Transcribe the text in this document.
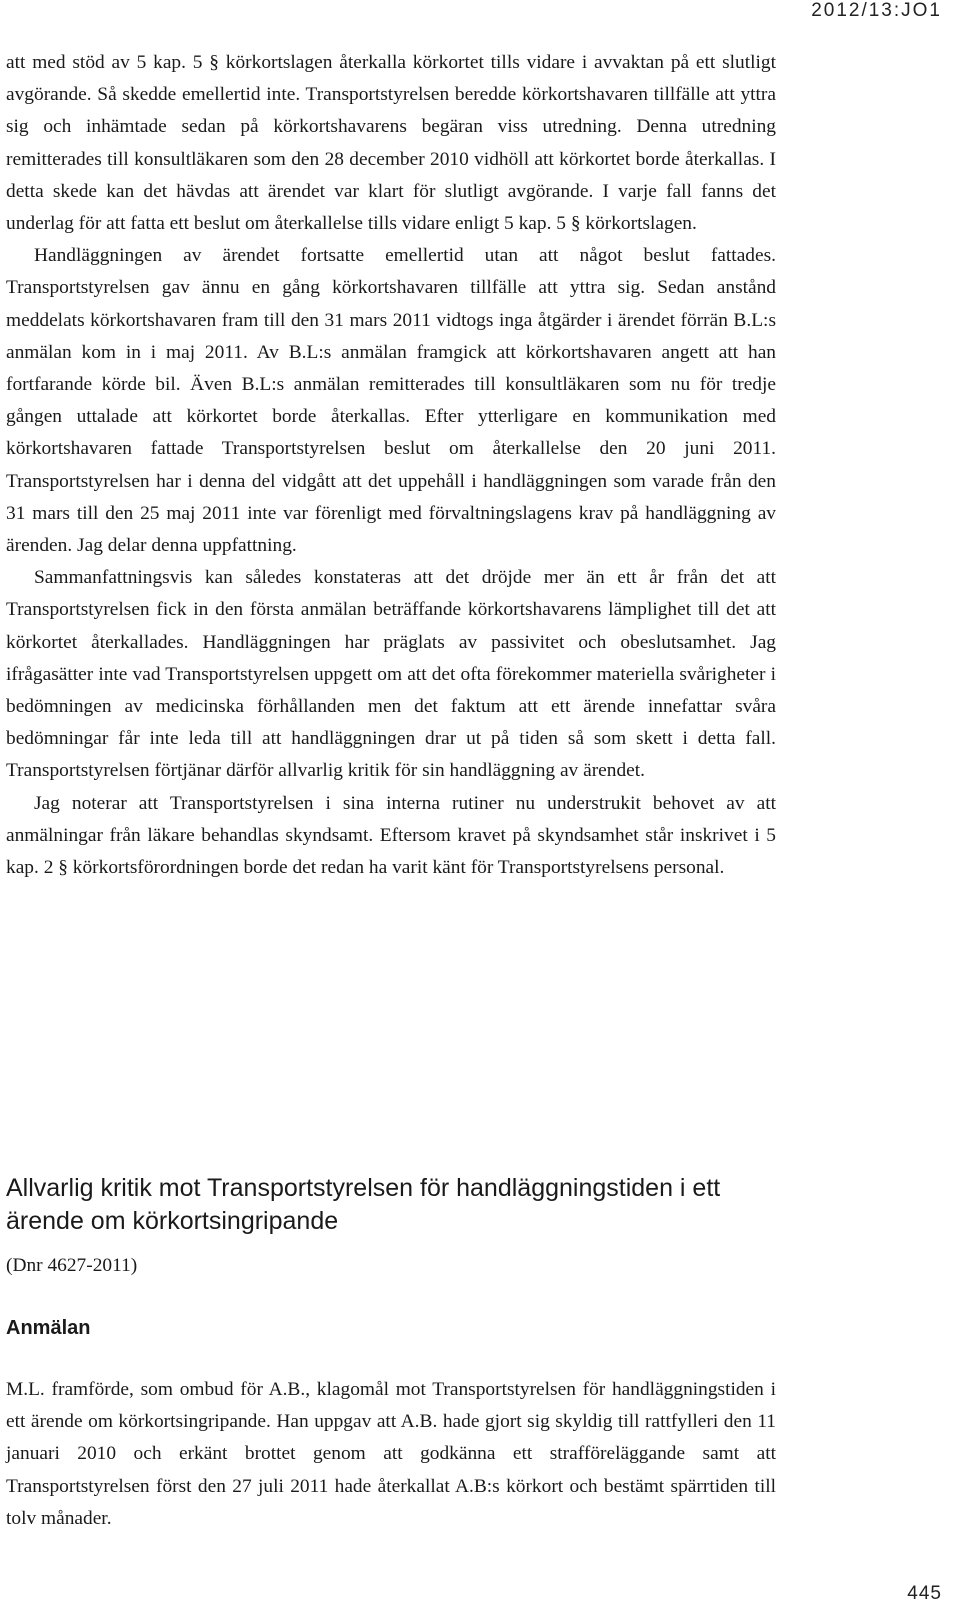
2012/13:JO1

att med stöd av 5 kap. 5 § körkortslagen återkalla körkortet tills vidare i avvaktan på ett slutligt avgörande. Så skedde emellertid inte. Transportstyrelsen beredde körkortshavaren tillfälle att yttra sig och inhämtade sedan på körkortshavarens begäran viss utredning. Denna utredning remitterades till konsultläkaren som den 28 december 2010 vidhöll att körkortet borde återkallas. I detta skede kan det hävdas att ärendet var klart för slutligt avgörande. I varje fall fanns det underlag för att fatta ett beslut om återkallelse tills vidare enligt 5 kap. 5 § körkortslagen.

Handläggningen av ärendet fortsatte emellertid utan att något beslut fattades. Transportstyrelsen gav ännu en gång körkortshavaren tillfälle att yttra sig. Sedan anstånd meddelats körkortshavaren fram till den 31 mars 2011 vidtogs inga åtgärder i ärendet förrän B.L:s anmälan kom in i maj 2011. Av B.L:s anmälan framgick att körkortshavaren angett att han fortfarande körde bil. Även B.L:s anmälan remitterades till konsultläkaren som nu för tredje gången uttalade att körkortet borde återkallas. Efter ytterligare en kommunikation med körkortshavaren fattade Transportstyrelsen beslut om återkallelse den 20 juni 2011. Transportstyrelsen har i denna del vidgått att det uppehåll i handläggningen som varade från den 31 mars till den 25 maj 2011 inte var förenligt med förvaltningslagens krav på handläggning av ärenden. Jag delar denna uppfattning.

Sammanfattningsvis kan således konstateras att det dröjde mer än ett år från det att Transportstyrelsen fick in den första anmälan beträffande körkortshavarens lämplighet till det att körkortet återkallades. Handläggningen har präglats av passivitet och obeslutsamhet. Jag ifrågasätter inte vad Transportstyrelsen uppgett om att det ofta förekommer materiella svårigheter i bedömningen av medicinska förhållanden men det faktum att ett ärende innefattar svåra bedömningar får inte leda till att handläggningen drar ut på tiden så som skett i detta fall. Transportstyrelsen förtjänar därför allvarlig kritik för sin handläggning av ärendet.

Jag noterar att Transportstyrelsen i sina interna rutiner nu understrukit behovet av att anmälningar från läkare behandlas skyndsamt. Eftersom kravet på skyndsamhet står inskrivet i 5 kap. 2 § körkortsförordningen borde det redan ha varit känt för Transportstyrelsens personal.

Allvarlig kritik mot Transportstyrelsen för handläggningstiden i ett ärende om körkortsingripande

(Dnr 4627-2011)

Anmälan

M.L. framförde, som ombud för A.B., klagomål mot Transportstyrelsen för handläggningstiden i ett ärende om körkortsingripande. Han uppgav att A.B. hade gjort sig skyldig till rattfylleri den 11 januari 2010 och erkänt brottet genom att godkänna ett strafföreläggande samt att Transportstyrelsen först den 27 juli 2011 hade återkallat A.B:s körkort och bestämt spärrtiden till tolv månader.

445
